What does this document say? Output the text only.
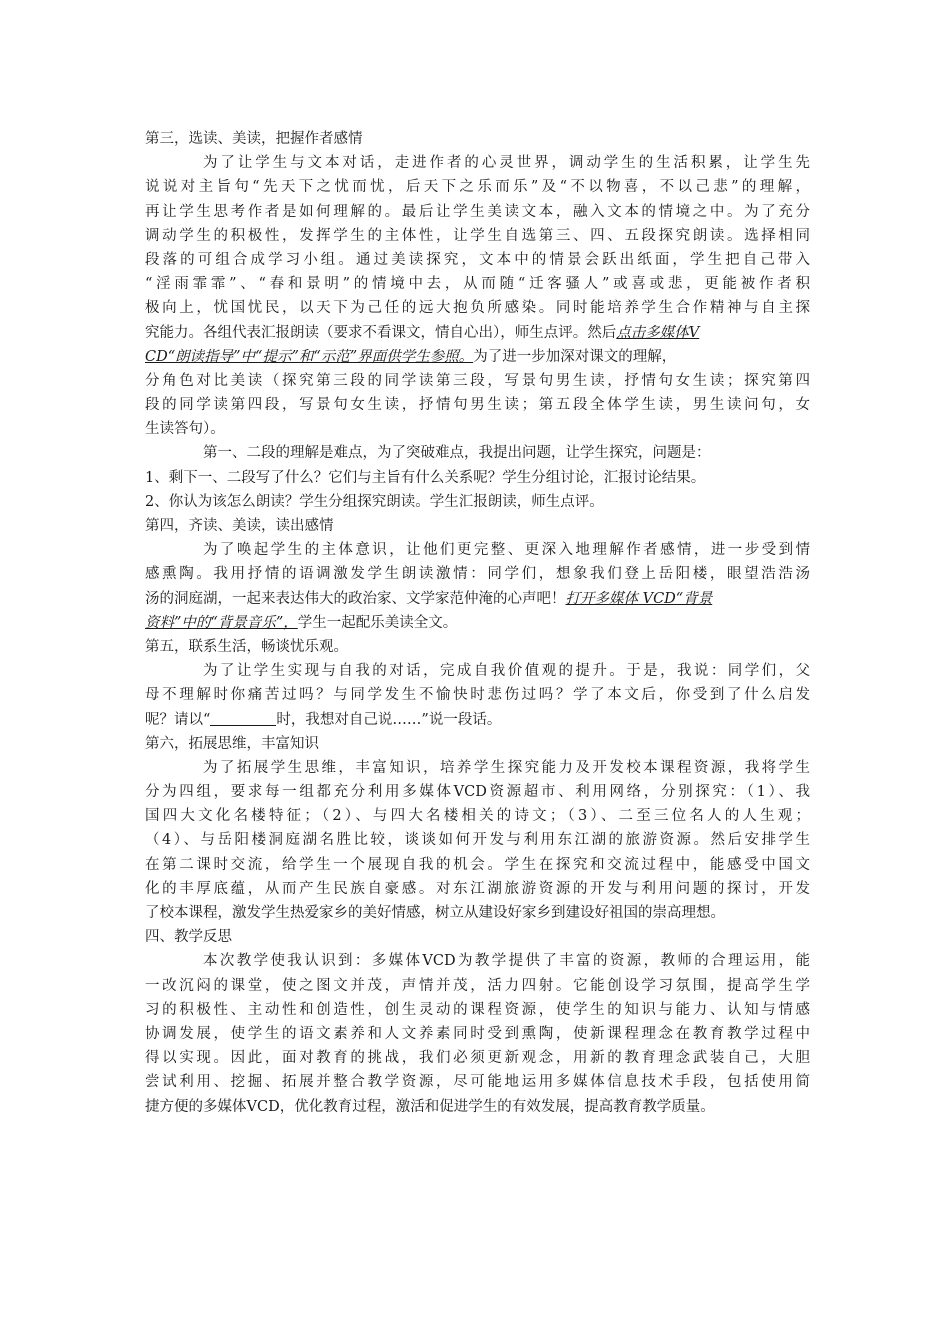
第三，选读、美读，把握作者感情
为了让学生与文本对话，走进作者的心灵世界，调动学生的生活积累，让学生先
说说对主旨句“先天下之忧而忧，后天下之乐而乐”及“不以物喜，不以己悲”的理解，
再让学生思考作者是如何理解的。最后让学生美读文本，融入文本的情境之中。为了充分
调动学生的积极性，发挥学生的主体性，让学生自选第三、四、五段探究朗读。选择相同
段落的可组合成学习小组。通过美读探究，文本中的情景会跃出纸面，学生把自己带入
“淫雨霏霏”、“春和景明”的情境中去，从而随“迁客骚人”或喜或悲，更能被作者积
极向上，忧国忧民，以天下为己任的远大抱负所感染。同时能培养学生合作精神与自主探
究能力。各组代表汇报朗读（要求不看课文，情自心出），师生点评。然后点击多媒体V
CD“朗读指导”中“提示”和“示范”界面供学生参照。为了进一步加深对课文的理解，
分角色对比美读（探究第三段的同学读第三段，写景句男生读，抒情句女生读；探究第四
段的同学读第四段，写景句女生读，抒情句男生读；第五段全体学生读，男生读问句，女
生读答句）。
第一、二段的理解是难点，为了突破难点，我提出问题，让学生探究，问题是：
1、剩下一、二段写了什么？它们与主旨有什么关系呢？学生分组讨论，汇报讨论结果。
2、你认为该怎么朗读？学生分组探究朗读。学生汇报朗读，师生点评。
第四，齐读、美读，读出感情
为了唤起学生的主体意识，让他们更完整、更深入地理解作者感情，进一步受到情
感熏陶。我用抒情的语调激发学生朗读激情：同学们，想象我们登上岳阳楼，眼望浩浩汤
汤的洞庭湖，一起来表达伟大的政治家、文学家范仲淹的心声吧！打开多媒体 VCD“背景
资料”中的“背景音乐”，学生一起配乐美读全文。
第五，联系生活，畅谈忧乐观。
为了让学生实现与自我的对话，完成自我价值观的提升。于是，我说：同学们，父
母不理解时你痛苦过吗？与同学发生不愉快时悲伤过吗？学了本文后，你受到了什么启发
呢？请以“	时，我想对自己说……”说一段话。
第六，拓展思维，丰富知识
为了拓展学生思维，丰富知识，培养学生探究能力及开发校本课程资源，我将学生
分为四组，要求每一组都充分利用多媒体VCD资源超市、利用网络，分别探究：（1）、我
国四大文化名楼特征；（2）、与四大名楼相关的诗文；（3）、二至三位名人的人生观；
（4）、与岳阳楼洞庭湖名胜比较，谈谈如何开发与利用东江湖的旅游资源。然后安排学生
在第二课时交流，给学生一个展现自我的机会。学生在探究和交流过程中，能感受中国文
化的丰厚底蕴，从而产生民族自豪感。对东江湖旅游资源的开发与利用问题的探讨，开发
了校本课程，激发学生热爱家乡的美好情感，树立从建设好家乡到建设好祖国的崇高理想。
四、教学反思
本次教学使我认识到：多媒体VCD为教学提供了丰富的资源，教师的合理运用，能
一改沉闷的课堂，使之图文并茂，声情并茂，活力四射。它能创设学习氛围，提高学生学
习的积极性、主动性和创造性，创生灵动的课程资源，使学生的知识与能力、认知与情感
协调发展，使学生的语文素养和人文养素同时受到熏陶，使新课程理念在教育教学过程中
得以实现。因此，面对教育的挑战，我们必须更新观念，用新的教育理念武装自己，大胆
尝试利用、挖掘、拓展并整合教学资源，尽可能地运用多媒体信息技术手段，包括使用简
捷方便的多媒体VCD，优化教育过程，激活和促进学生的有效发展，提高教育教学质量。
